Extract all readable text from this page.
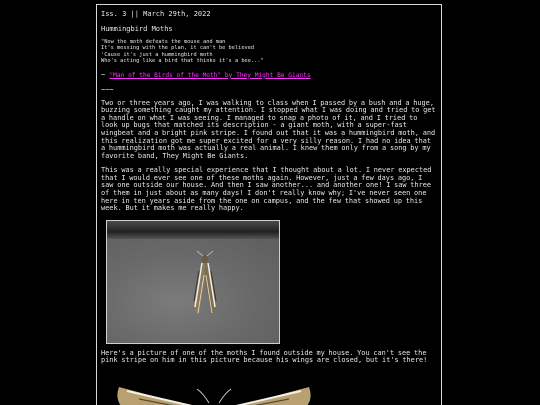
Iss. 3 || March 29th, 2022
Hummingbird Moths
"Now the moth defeats the mouse and man
It's messing with the plan, it can't be believed
'Cause it's just a hummingbird moth
Who's acting like a bird that thinks it's a bee..."
~ "Man of the Birds of the Moth" by They Might Be Giants
~~~

Two or three years ago, I was walking to class when I passed by a bush and a huge, buzzing something caught my attention. I stopped what I was doing and tried to get a handle on what I was seeing. I managed to snap a photo of it, and I tried to look up bugs that matched its description - a giant moth, with a super-fast wingbeat and a bright pink stripe. I found out that it was a hummingbird moth, and this realization got me super excited for a very silly reason. I had no idea that a hummingbird moth was actually a real animal. I knew them only from a song by my favorite band, They Might Be Giants.

This was a really special experience that I thought about a lot. I never expected that I would ever see one of these moths again. However, just a few days ago, I saw one outside our house. And then I saw another... and another one! I saw three of them in just about as many days! I don't really know why; I've never seen one here in ten years aside from the one on campus, and the few that showed up this week. But it makes me really happy.

Here's a picture of one of the moths I found outside my house. You can't see the pink stripe on him in this picture because his wings are closed, but it's there!
